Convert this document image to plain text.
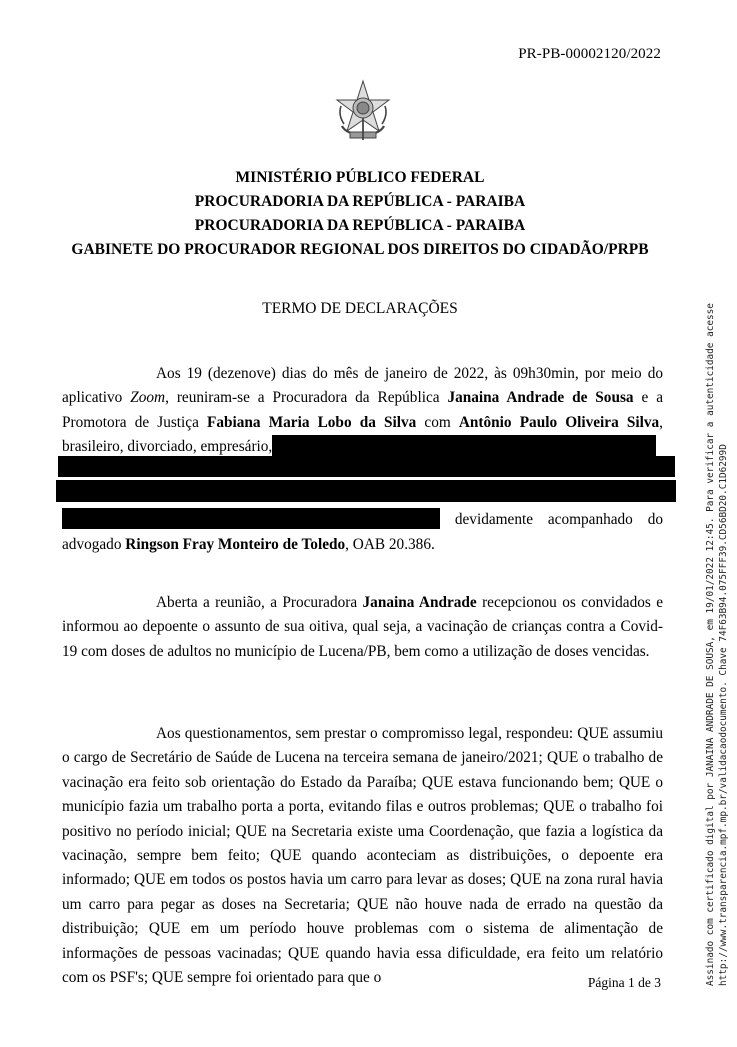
PR-PB-00002120/2022
MINISTÉRIO PÚBLICO FEDERAL
PROCURADORIA DA REPÚBLICA - PARAIBA
PROCURADORIA DA REPÚBLICA - PARAIBA
GABINETE DO PROCURADOR REGIONAL DOS DIREITOS DO CIDADÃO/PRPB
TERMO DE DECLARAÇÕES

Aos 19 (dezenove) dias do mês de janeiro de 2022, às 09h30min, por meio do aplicativo Zoom, reuniram-se a Procuradora da República Janaina Andrade de Sousa e a Promotora de Justiça Fabiana Maria Lobo da Silva com Antônio Paulo Oliveira Silva, brasileiro, divorciado, empresário,

devidamente acompanhado do advogado Ringson Fray Monteiro de Toledo, OAB 20.386.

Aberta a reunião, a Procuradora Janaina Andrade recepcionou os convidados e informou ao depoente o assunto de sua oitiva, qual seja, a vacinação de crianças contra a Covid-19 com doses de adultos no município de Lucena/PB, bem como a utilização de doses vencidas.

Aos questionamentos, sem prestar o compromisso legal, respondeu: QUE assumiu o cargo de Secretário de Saúde de Lucena na terceira semana de janeiro/2021; QUE o trabalho de vacinação era feito sob orientação do Estado da Paraíba; QUE estava funcionando bem; QUE o município fazia um trabalho porta a porta, evitando filas e outros problemas; QUE o trabalho foi positivo no período inicial; QUE na Secretaria existe uma Coordenação, que fazia a logística da vacinação, sempre bem feito; QUE quando aconteciam as distribuições, o depoente era informado; QUE em todos os postos havia um carro para levar as doses; QUE na zona rural havia um carro para pegar as doses na Secretaria; QUE não houve nada de errado na questão da distribuição; QUE em um período houve problemas com o sistema de alimentação de informações de pessoas vacinadas; QUE quando havia essa dificuldade, era feito um relatório com os PSF's; QUE sempre foi orientado para que o	Assinado com certificado digital por JANAINA ANDRADE DE SOUSA, em 19/01/2022 12:45. Para verificar a autenticidade acesse http://www.transparencia.mpf.mp.br/validacaodocumento. Chave 74F63B94.075FFF39.CD56BD20.C1D6299D
Página 1 de 3
